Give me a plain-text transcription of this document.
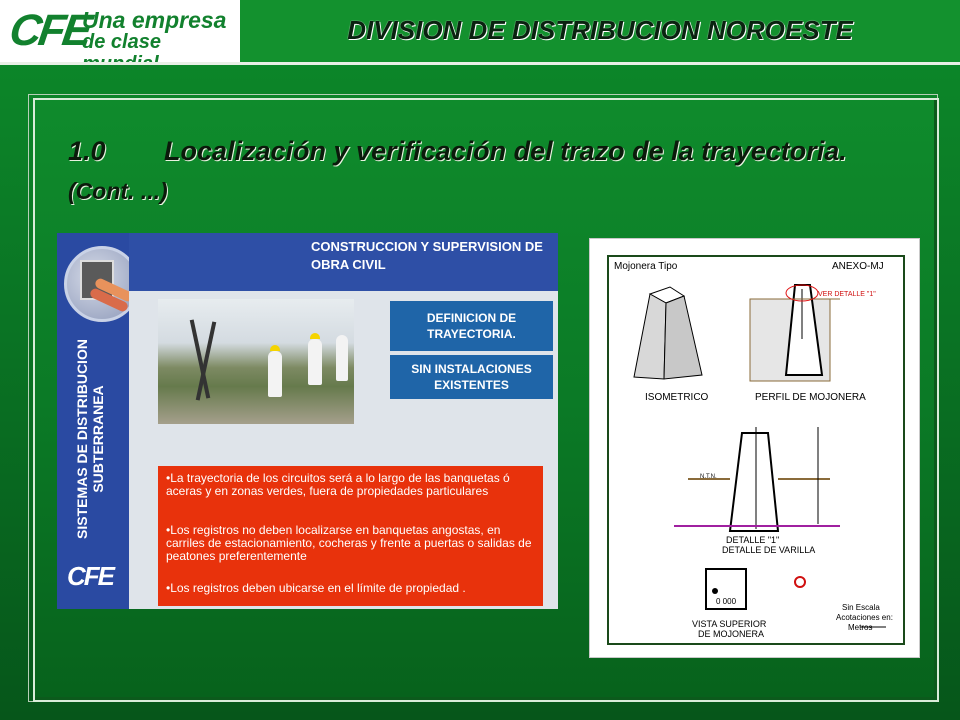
CFE
Una empresa
de clase	DIVISION DE DISTRIBUCION NOROESTE
1.0 Localización y verificación del trazo de la trayectoria.
(Cont. ...)
SISTEMAS DE DISTRIBUCION SUBTERRANEA
CFE
CONSTRUCCION Y SUPERVISION DE OBRA CIVIL
DEFINICION DE TRAYECTORIA.
SIN INSTALACIONES EXISTENTES
•La trayectoria de los circuitos será a lo largo de las banquetas ó aceras y en zonas verdes, fuera de propiedades particulares
•Los registros no deben localizarse en banquetas angostas, en carriles de estacionamiento, cocheras y frente a puertas o salidas de peatones preferentemente
•Los registros deben ubicarse en el límite de propiedad .
Mojonera Tipo	ANEXO-MJ
ISOMETRICO	PERFIL DE MOJONERA
VER DETALLE "1"
N.T.N.
DETALLE "1"
DETALLE DE VARILLA
0 000
VISTA SUPERIOR
DE MOJONERA
Sin Escala
Acotaciones en:
Metros
